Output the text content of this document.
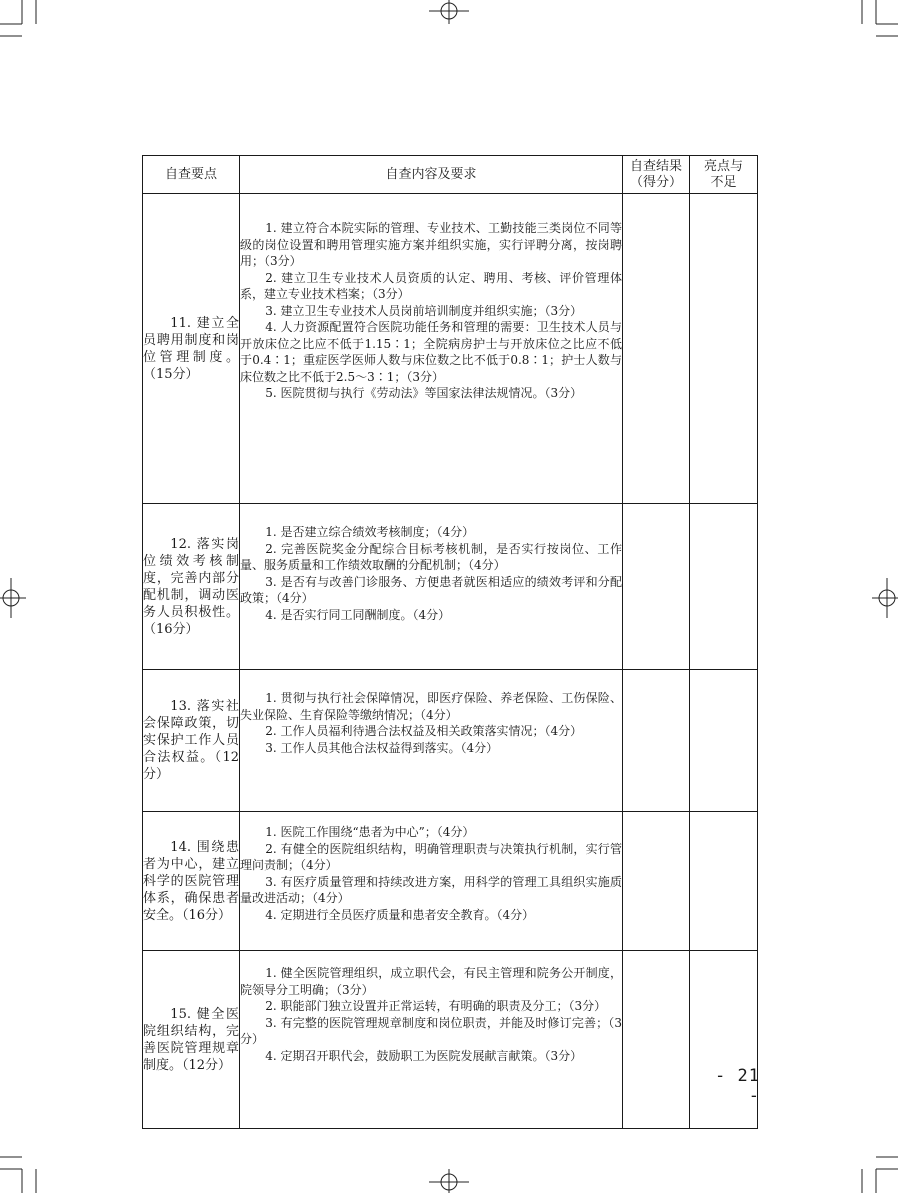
自查要点	自查内容及要求	自查结果（得分）	亮点与不足

11. 建立全员聘用制度和岗位管理制度。（15分）	1. 建立符合本院实际的管理、专业技术、工勤技能三类岗位不同等级的岗位设置和聘用管理实施方案并组织实施，实行评聘分离，按岗聘用；（3分）

2. 建立卫生专业技术人员资质的认定、聘用、考核、评价管理体系，建立专业技术档案；（3分）

3. 建立卫生专业技术人员岗前培训制度并组织实施；（3分）

4. 人力资源配置符合医院功能任务和管理的需要：卫生技术人员与开放床位之比应不低于1.15∶1；全院病房护士与开放床位之比应不低于0.4∶1；重症医学医师人数与床位数之比不低于0.8∶1；护士人数与床位数之比不低于2.5～3∶1；（3分）

5. 医院贯彻与执行《劳动法》等国家法律法规情况。（3分）		

12. 落实岗位绩效考核制度，完善内部分配机制，调动医务人员积极性。（16分）	1. 是否建立综合绩效考核制度；（4分）

2. 完善医院奖金分配综合目标考核机制，是否实行按岗位、工作量、服务质量和工作绩效取酬的分配机制；（4分）

3. 是否有与改善门诊服务、方便患者就医相适应的绩效考评和分配政策；（4分）

4. 是否实行同工同酬制度。（4分）		

13. 落实社会保障政策，切实保护工作人员合法权益。（12分）	1. 贯彻与执行社会保障情况，即医疗保险、养老保险、工伤保险、失业保险、生育保险等缴纳情况；（4分）

2. 工作人员福利待遇合法权益及相关政策落实情况；（4分）

3. 工作人员其他合法权益得到落实。（4分）		

14. 围绕患者为中心，建立科学的医院管理体系，确保患者安全。（16分）	1. 医院工作围绕“患者为中心”；（4分）

2. 有健全的医院组织结构，明确管理职责与决策执行机制，实行管理问责制；（4分）

3. 有医疗质量管理和持续改进方案，用科学的管理工具组织实施质量改进活动；（4分）

4. 定期进行全员医疗质量和患者安全教育。（4分）		

15. 健全医院组织结构，完善医院管理规章制度。（12分）	1. 健全医院管理组织，成立职代会，有民主管理和院务公开制度，院领导分工明确；（3分）

2. 职能部门独立设置并正常运转，有明确的职责及分工；（3分）

3. 有完整的医院管理规章制度和岗位职责，并能及时修订完善；（3分）

4. 定期召开职代会，鼓励职工为医院发展献言献策。（3分）		

- 21 -
